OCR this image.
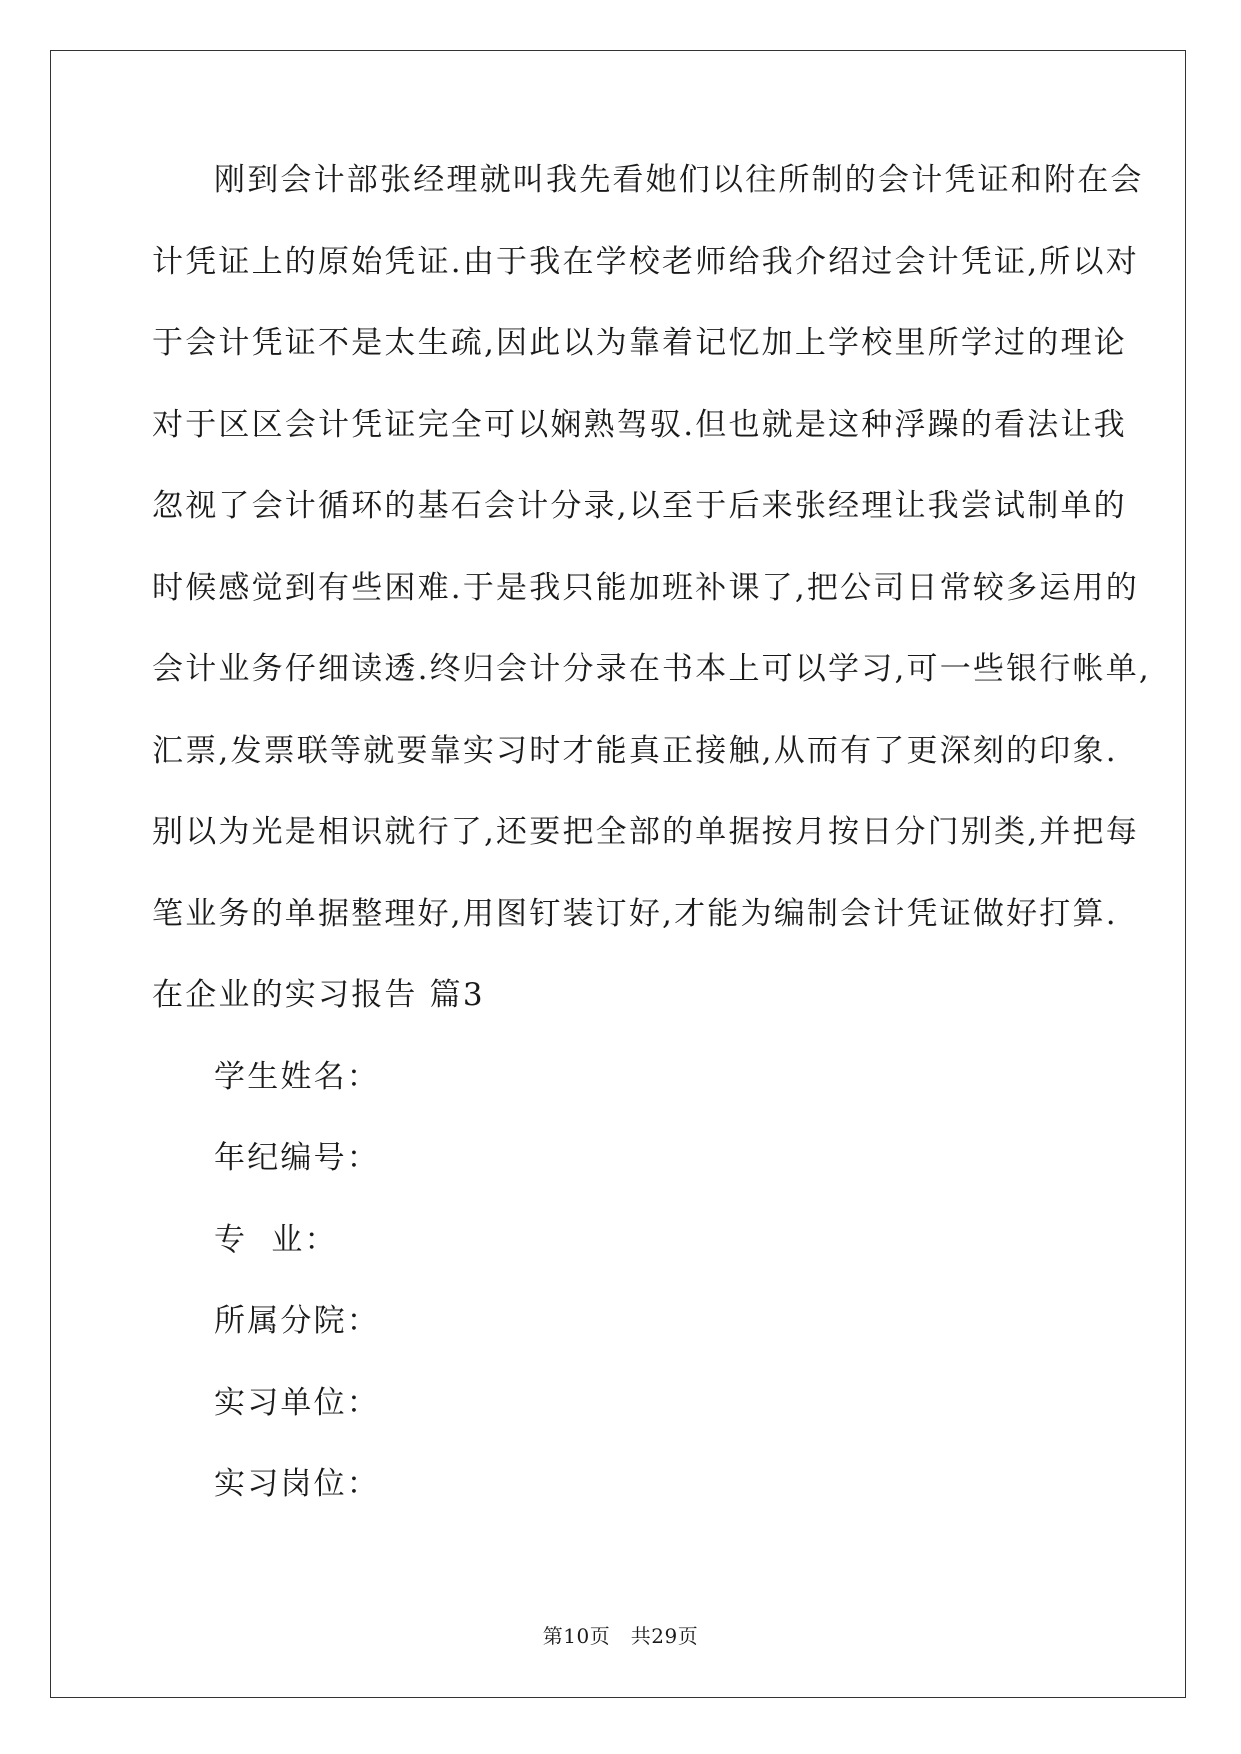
刚到会计部张经理就叫我先看她们以往所制的会计凭证和附在会
计凭证上的原始凭证.由于我在学校老师给我介绍过会计凭证,所以对
于会计凭证不是太生疏,因此以为靠着记忆加上学校里所学过的理论
对于区区会计凭证完全可以娴熟驾驭.但也就是这种浮躁的看法让我
忽视了会计循环的基石会计分录,以至于后来张经理让我尝试制单的
时候感觉到有些困难.于是我只能加班补课了,把公司日常较多运用的
会计业务仔细读透.终归会计分录在书本上可以学习,可一些银行帐单,
汇票,发票联等就要靠实习时才能真正接触,从而有了更深刻的印象.
别以为光是相识就行了,还要把全部的单据按月按日分门别类,并把每
笔业务的单据整理好,用图钉装订好,才能为编制会计凭证做好打算.
在企业的实习报告 篇3
学生姓名：
年纪编号：
专  业：
所属分院：
实习单位：
实习岗位：
第10页   共29页
